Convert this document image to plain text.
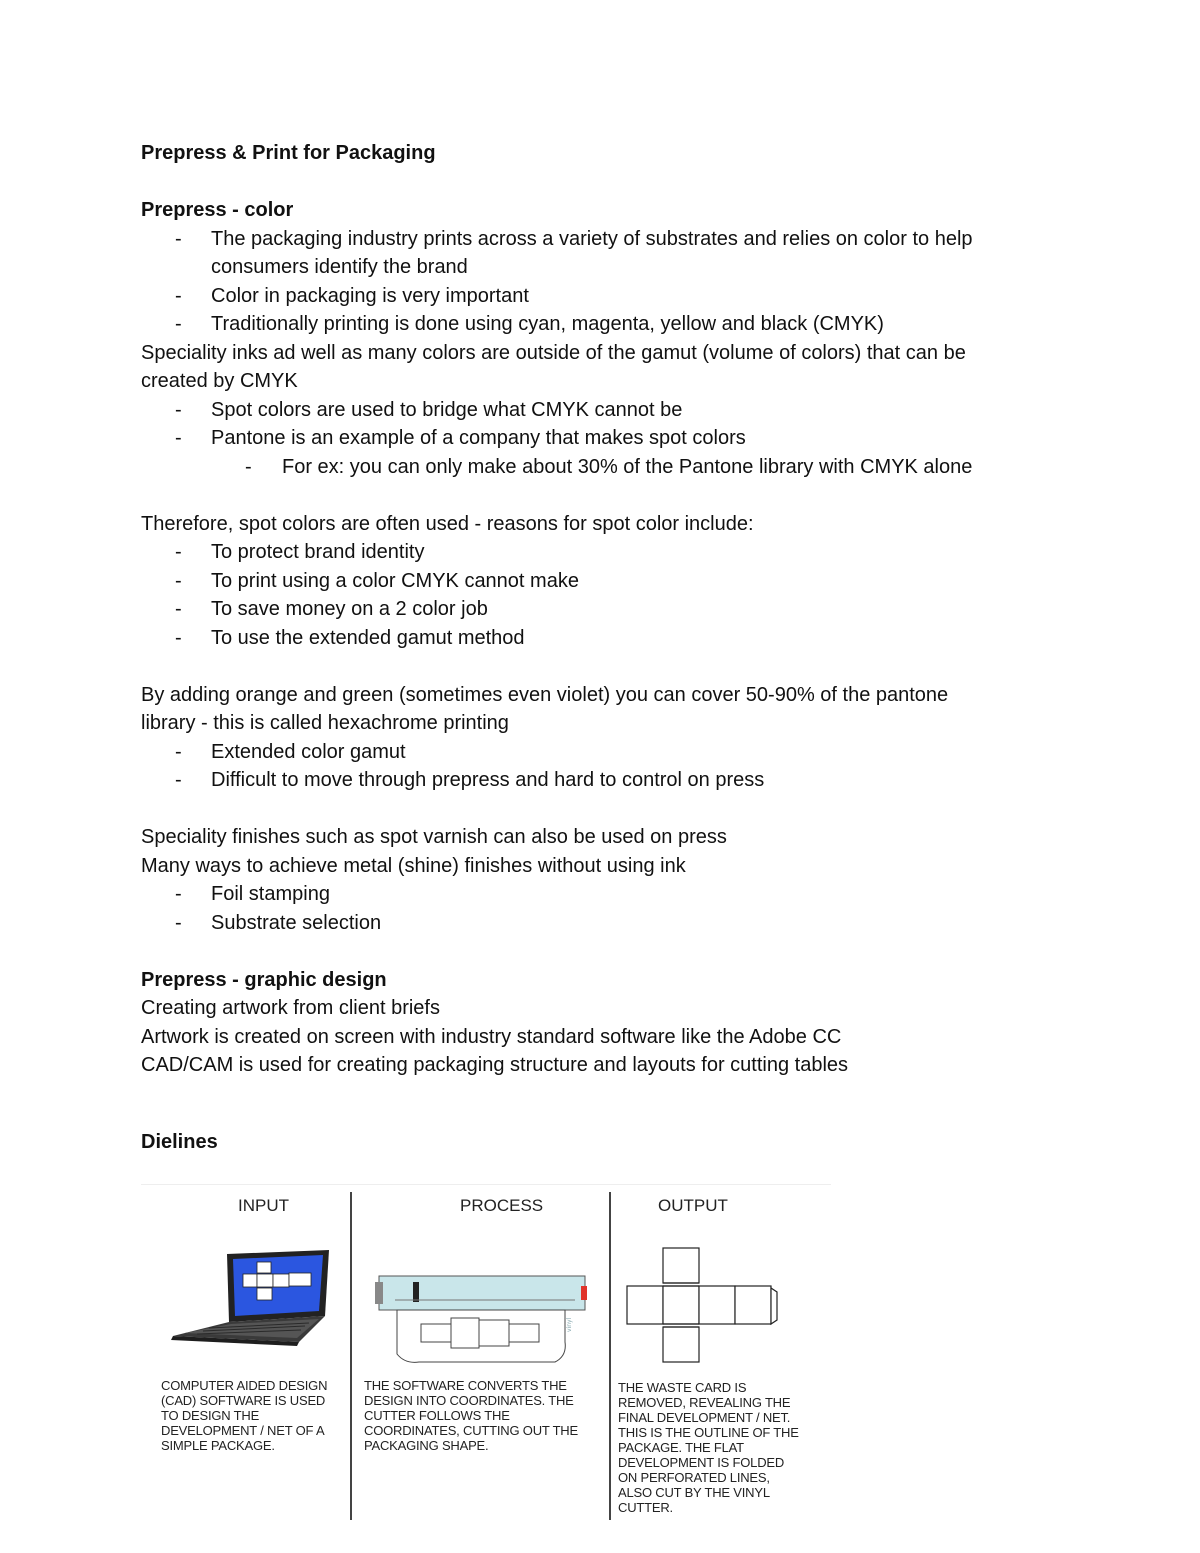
Prepress & Print for Packaging
Prepress - color
-	The packaging industry prints across a variety of substrates and relies on color to help consumers identify the brand
-	Color in packaging is very important
-	Traditionally printing is done using cyan, magenta, yellow and black (CMYK)
Speciality inks ad well as many colors are outside of the gamut (volume of colors) that can be
created by CMYK
-	Spot colors are used to bridge what CMYK cannot be
-	Pantone is an example of a company that makes spot colors
-	For ex: you can only make about 30% of the Pantone library with CMYK alone
Therefore, spot colors are often used - reasons for spot color include:
-	To protect brand identity
-	To print using a color CMYK cannot make
-	To save money on a 2 color job
-	To use the extended gamut method
By adding orange and green (sometimes even violet) you can cover 50-90% of the pantone
library - this is called hexachrome printing
-	Extended color gamut
-	Difficult to move through prepress and hard to control on press
Speciality finishes such as spot varnish can also be used on press
Many ways to achieve metal (shine) finishes without using ink
-	Foil stamping
-	Substrate selection
Prepress - graphic design
Creating artwork from client briefs
Artwork is created on screen with industry standard software like the Adobe CC
CAD/CAM is used for creating packaging structure and layouts for cutting tables
Dielines
INPUT	PROCESS	OUTPUT
vinyl
COMPUTER AIDED DESIGN (CAD) SOFTWARE IS USED TO DESIGN THE DEVELOPMENT / NET OF A SIMPLE PACKAGE.
THE SOFTWARE CONVERTS THE DESIGN INTO COORDINATES. THE CUTTER FOLLOWS THE COORDINATES, CUTTING OUT THE PACKAGING SHAPE.
THE WASTE CARD IS REMOVED, REVEALING THE FINAL DEVELOPMENT / NET. THIS IS THE OUTLINE OF THE PACKAGE. THE FLAT DEVELOPMENT IS FOLDED ON PERFORATED LINES, ALSO CUT BY THE VINYL CUTTER.
